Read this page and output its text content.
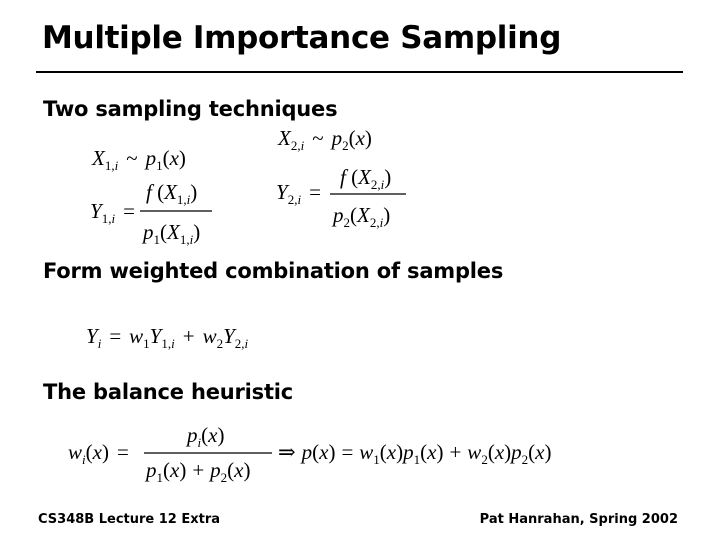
Multiple Importance Sampling
Two sampling techniques
Form weighted combination of samples
The balance heuristic
$X_{1,i}$ ~ $p_1(x)$
$Y_{1,i}$ =
f $(X_{1,i})$
$p_1(X_{1,i})$
$X_{2,i}$ ~ $p_2(x)$
$Y_{2,i}$ =
f $(X_{2,i})$
$p_2(X_{2,i})$
$Y_i = w_1Y_{1,i} + w_2Y_{2,i}$
$w_i(x)$ =
$p_i(x)$
$p_1(x) + p_2(x)$
⇒ $p(x) = w_1(x)p_1(x) + w_2(x)p_2(x)$
CS348B Lecture 12 Extra	Pat Hanrahan, Spring 2002
